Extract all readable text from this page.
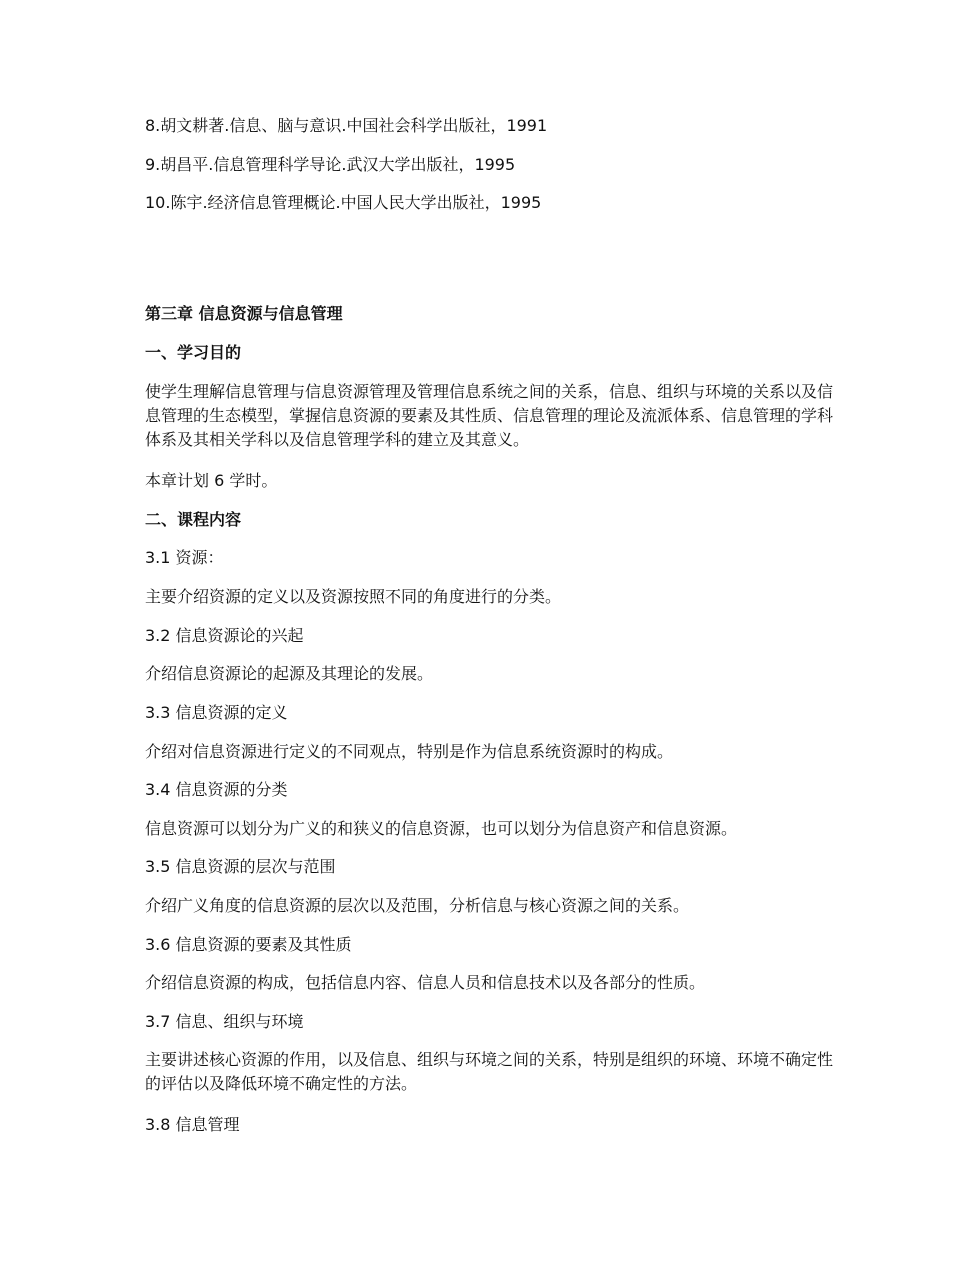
8.胡文耕著.信息、脑与意识.中国社会科学出版社，1991
9.胡昌平.信息管理科学导论.武汉大学出版社，1995
10.陈宇.经济信息管理概论.中国人民大学出版社，1995
第三章 信息资源与信息管理
一、学习目的
使学生理解信息管理与信息资源管理及管理信息系统之间的关系，信息、组织与环境的关系以及信息管理的生态模型，掌握信息资源的要素及其性质、信息管理的理论及流派体系、信息管理的学科体系及其相关学科以及信息管理学科的建立及其意义。
本章计划 6 学时。
二、课程内容
3.1 资源：
主要介绍资源的定义以及资源按照不同的角度进行的分类。
3.2 信息资源论的兴起
介绍信息资源论的起源及其理论的发展。
3.3 信息资源的定义
介绍对信息资源进行定义的不同观点，特别是作为信息系统资源时的构成。
3.4 信息资源的分类
信息资源可以划分为广义的和狭义的信息资源，也可以划分为信息资产和信息资源。
3.5 信息资源的层次与范围
介绍广义角度的信息资源的层次以及范围，分析信息与核心资源之间的关系。
3.6 信息资源的要素及其性质
介绍信息资源的构成，包括信息内容、信息人员和信息技术以及各部分的性质。
3.7 信息、组织与环境
主要讲述核心资源的作用，以及信息、组织与环境之间的关系，特别是组织的环境、环境不确定性的评估以及降低环境不确定性的方法。
3.8 信息管理
